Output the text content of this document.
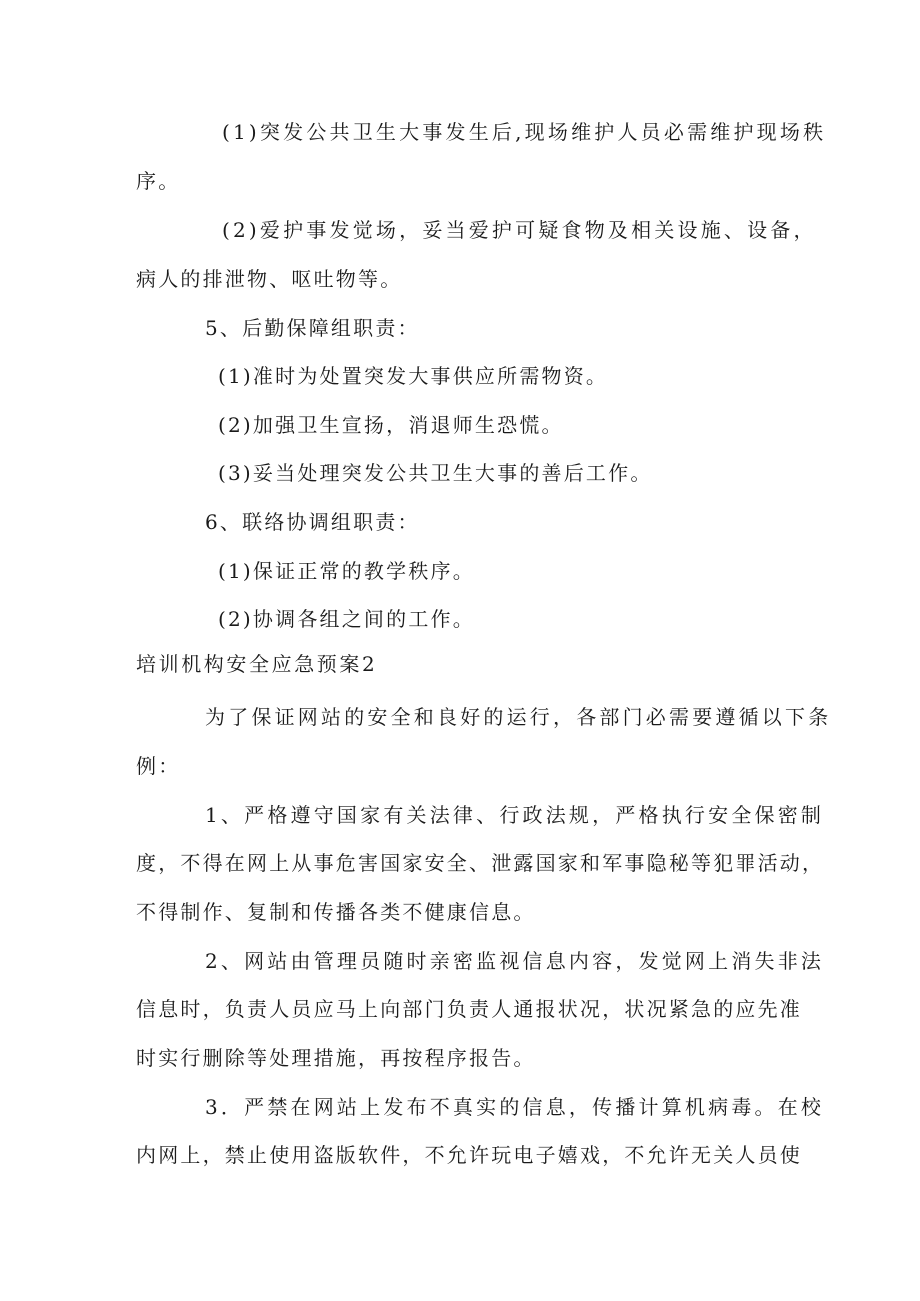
(1)突发公共卫生大事发生后,现场维护人员必需维护现场秩
序。
(2)爱护事发觉场，妥当爱护可疑食物及相关设施、设备，
病人的排泄物、呕吐物等。
5、后勤保障组职责：
(1)准时为处置突发大事供应所需物资。
(2)加强卫生宣扬，消退师生恐慌。
(3)妥当处理突发公共卫生大事的善后工作。
6、联络协调组职责：
(1)保证正常的教学秩序。
(2)协调各组之间的工作。
培训机构安全应急预案2
为了保证网站的安全和良好的运行，各部门必需要遵循以下条
例：
1、严格遵守国家有关法律、行政法规，严格执行安全保密制
度，不得在网上从事危害国家安全、泄露国家和军事隐秘等犯罪活动，
不得制作、复制和传播各类不健康信息。
2、网站由管理员随时亲密监视信息内容，发觉网上消失非法
信息时，负责人员应马上向部门负责人通报状况，状况紧急的应先准
时实行删除等处理措施，再按程序报告。
3．严禁在网站上发布不真实的信息，传播计算机病毒。在校
内网上，禁止使用盗版软件，不允许玩电子嬉戏，不允许无关人员使
